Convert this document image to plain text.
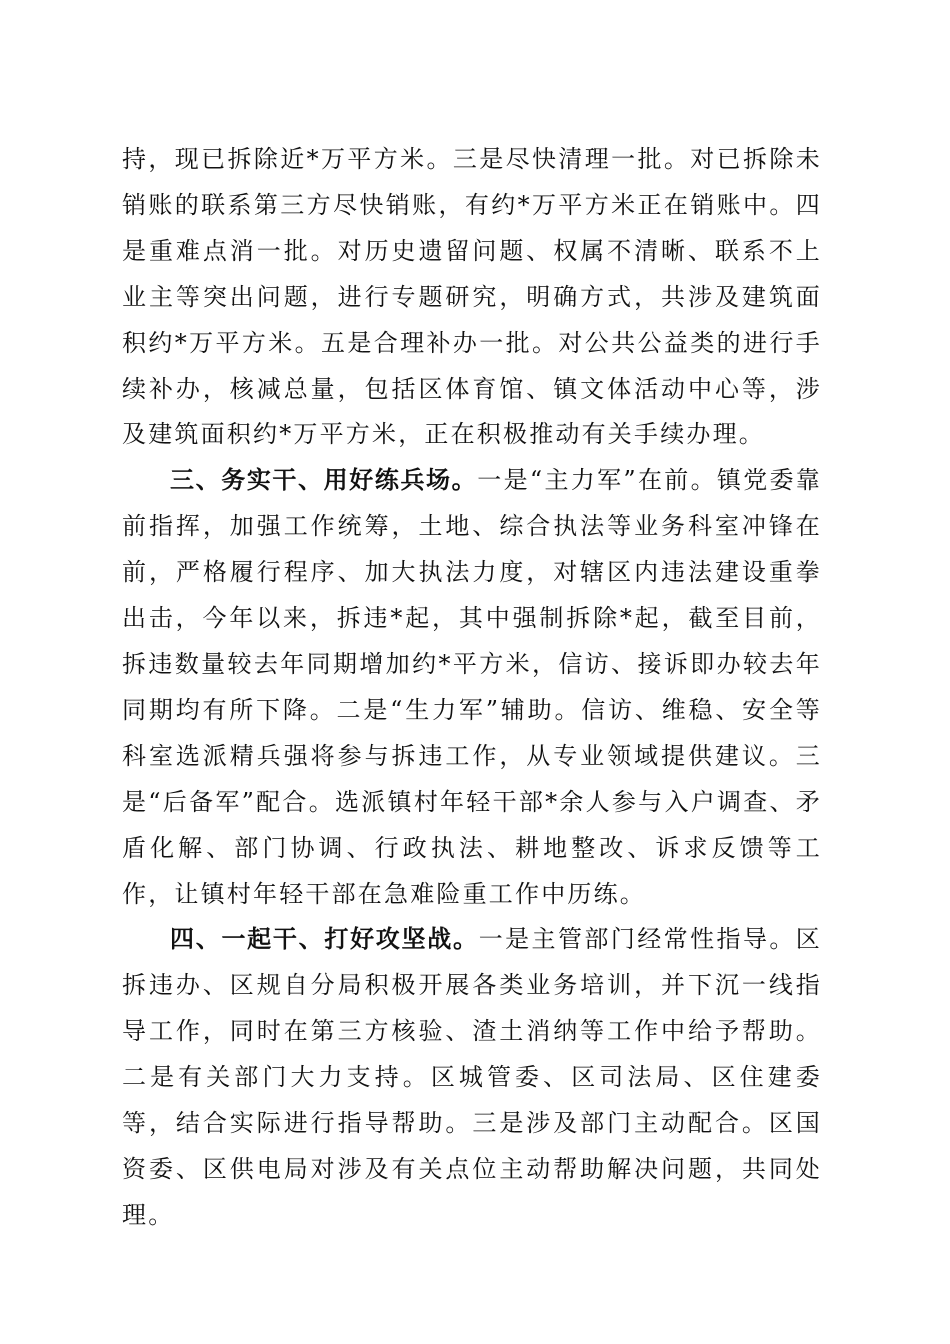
持，现已拆除近*万平方米。三是尽快清理一批。对已拆除未销账的联系第三方尽快销账，有约*万平方米正在销账中。四是重难点消一批。对历史遗留问题、权属不清晰、联系不上业主等突出问题，进行专题研究，明确方式，共涉及建筑面积约*万平方米。五是合理补办一批。对公共公益类的进行手续补办，核减总量，包括区体育馆、镇文体活动中心等，涉及建筑面积约*万平方米，正在积极推动有关手续办理。

三、务实干、用好练兵场。一是“主力军”在前。镇党委靠前指挥，加强工作统筹，土地、综合执法等业务科室冲锋在前，严格履行程序、加大执法力度，对辖区内违法建设重拳出击，今年以来，拆违*起，其中强制拆除*起，截至目前，拆违数量较去年同期增加约*平方米，信访、接诉即办较去年同期均有所下降。二是“生力军”辅助。信访、维稳、安全等科室选派精兵强将参与拆违工作，从专业领域提供建议。三是“后备军”配合。选派镇村年轻干部*余人参与入户调查、矛盾化解、部门协调、行政执法、耕地整改、诉求反馈等工作，让镇村年轻干部在急难险重工作中历练。

四、一起干、打好攻坚战。一是主管部门经常性指导。区拆违办、区规自分局积极开展各类业务培训，并下沉一线指导工作，同时在第三方核验、渣土消纳等工作中给予帮助。二是有关部门大力支持。区城管委、区司法局、区住建委等，结合实际进行指导帮助。三是涉及部门主动配合。区国资委、区供电局对涉及有关点位主动帮助解决问题，共同处理。
